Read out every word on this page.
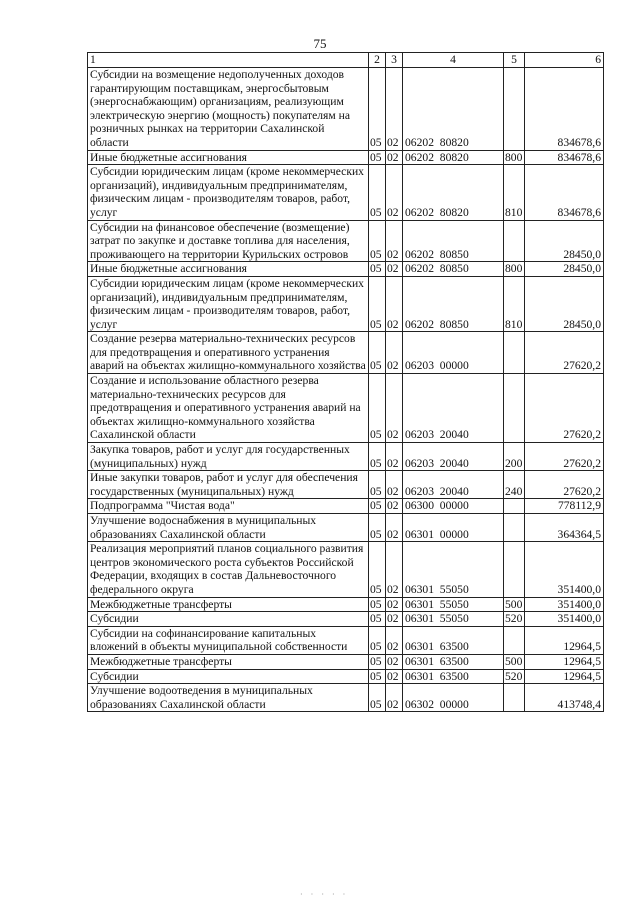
75
1	2	3	4	5	6
Субсидии на возмещение недополученных доходов гарантирующим поставщикам, энергосбытовым (энергоснабжающим) организациям, реализующим электрическую энергию (мощность) покупателям на розничных рынках на территории Сахалинской области	05	02	06202  80820		834678,6
Иные бюджетные ассигнования	05	02	06202  80820	800	834678,6
Субсидии юридическим лицам (кроме некоммерческих организаций), индивидуальным предпринимателям, физическим лицам - производителям товаров, работ, услуг	05	02	06202  80820	810	834678,6
Субсидии на финансовое обеспечение (возмещение) затрат по закупке и доставке топлива для населения, проживающего на территории Курильских островов	05	02	06202  80850		28450,0
Иные бюджетные ассигнования	05	02	06202  80850	800	28450,0
Субсидии юридическим лицам (кроме некоммерческих организаций), индивидуальным предпринимателям, физическим лицам - производителям товаров, работ, услуг	05	02	06202  80850	810	28450,0
Создание резерва материально-технических ресурсов для предотвращения и оперативного устранения аварий на объектах жилищно-коммунального хозяйства	05	02	06203  00000		27620,2
Создание и использование областного резерва материально-технических ресурсов для предотвращения и оперативного устранения аварий на объектах жилищно-коммунального хозяйства Сахалинской области	05	02	06203  20040		27620,2
Закупка товаров, работ и услуг для государственных (муниципальных) нужд	05	02	06203  20040	200	27620,2
Иные закупки товаров, работ и услуг для обеспечения государственных (муниципальных) нужд	05	02	06203  20040	240	27620,2
Подпрограмма "Чистая вода"	05	02	06300  00000		778112,9
Улучшение водоснабжения в муниципальных образованиях Сахалинской области	05	02	06301  00000		364364,5
Реализация мероприятий планов социального развития центров экономического роста субъектов Российской Федерации, входящих в состав Дальневосточного федерального округа	05	02	06301  55050		351400,0
Межбюджетные трансферты	05	02	06301  55050	500	351400,0
Субсидии	05	02	06301  55050	520	351400,0
Субсидии на софинансирование капитальных вложений в объекты муниципальной собственности	05	02	06301  63500		12964,5
Межбюджетные трансферты	05	02	06301  63500	500	12964,5
Субсидии	05	02	06301  63500	520	12964,5
Улучшение водоотведения в муниципальных образованиях Сахалинской области	05	02	06302  00000		413748,4
· · · · ·
